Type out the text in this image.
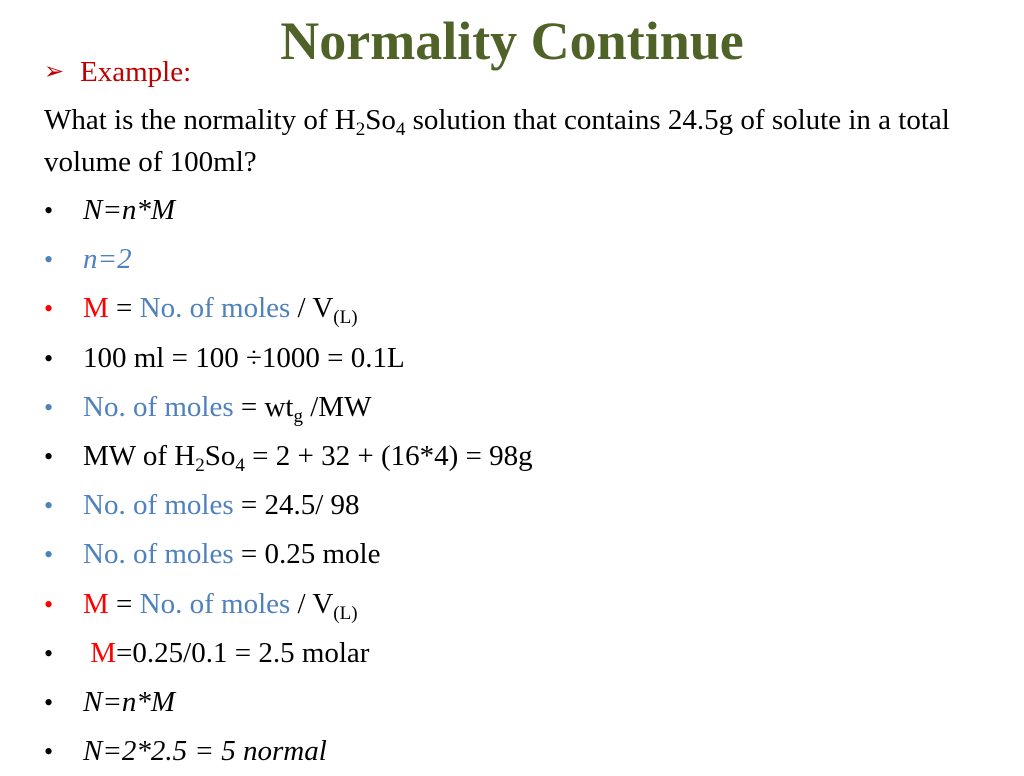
Normality Continue
➢ Example:
What is the normality of $H_2So_4$ solution that contains 24.5g of solute in a total volume of 100ml?
• N=n*M
• n=2
• M = No. of moles / $V_{(L)}$
• 100 ml = 100 ÷1000 = 0.1L
• No. of moles = $wt_g$ /MW
• MW of $H_2So_4 = 2 + 32 + (16*4) = 98g$
• No. of moles = 24.5/ 98
• No. of moles = 0.25 mole
• M = No. of moles / $V_{(L)}$
• M=0.25/0.1 = 2.5 molar
• N=n*M
• N=2*2.5 = 5 normal
